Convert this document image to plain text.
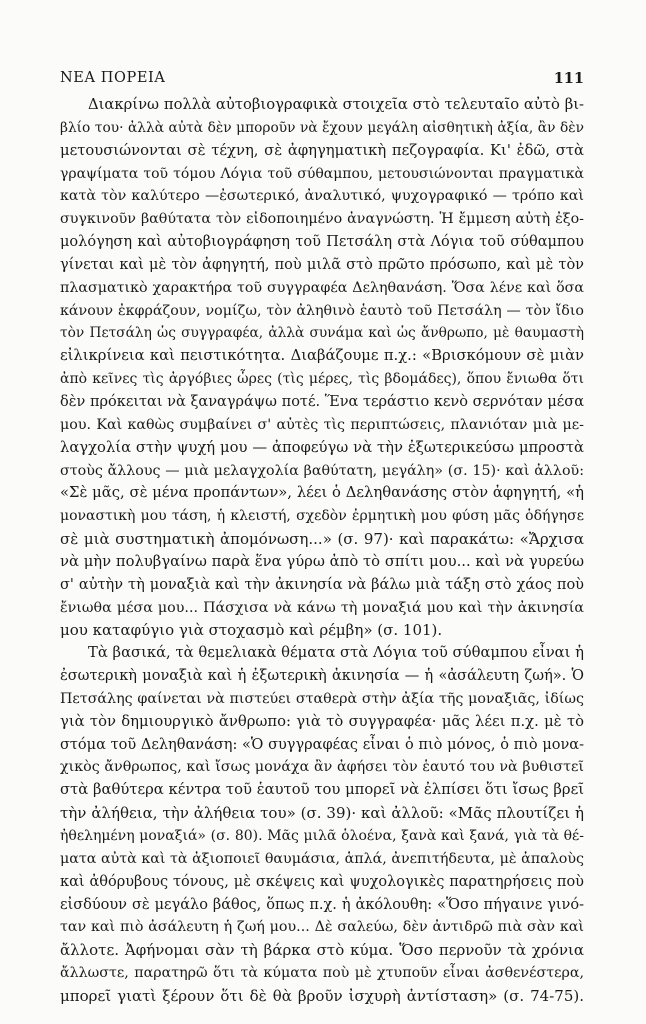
ΝΕΑ ΠΟΡΕΙΑ	111
Διακρίνω πολλὰ αὐτοβιογραφικὰ στοιχεῖα στὸ τελευταῖο αὐτὸ βι-
βλίο του· ἀλλὰ αὐτὰ δὲν μποροῦν νὰ ἔχουν μεγάλη αἰσθητικὴ ἀξία, ἂν δὲν
μετουσιώνονται σὲ τέχνη, σὲ ἀφηγηματικὴ πεζογραφία. Κι' ἐδῶ, στὰ
γραψίματα τοῦ τόμου Λόγια τοῦ σύθαμπου, μετουσιώνονται πραγματικὰ
κατὰ τὸν καλύτερο —ἐσωτερικό, ἀναλυτικό, ψυχογραφικό — τρόπο καὶ
συγκινοῦν βαθύτατα τὸν εἰδοποιημένο ἀναγνώστη. Ἡ ἔμμεση αὐτὴ ἐξο-
μολόγηση καὶ αὐτοβιογράφηση τοῦ Πετσάλη στὰ Λόγια τοῦ σύθαμπου
γίνεται καὶ μὲ τὸν ἀφηγητή, ποὺ μιλᾶ στὸ πρῶτο πρόσωπο, καὶ μὲ τὸν
πλασματικὸ χαρακτήρα τοῦ συγγραφέα Δεληθανάση. Ὅσα λένε καὶ ὅσα
κάνουν ἐκφράζουν, νομίζω, τὸν ἀληθινὸ ἑαυτὸ τοῦ Πετσάλη — τὸν ἴδιο
τὸν Πετσάλη ὡς συγγραφέα, ἀλλὰ συνάμα καὶ ὡς ἄνθρωπο, μὲ θαυμαστὴ
εἰλικρίνεια καὶ πειστικότητα. Διαβάζουμε π.χ.: «Βρισκόμουν σὲ μιὰν
ἀπὸ κεῖνες τὶς ἀργόβιες ὧρες (τὶς μέρες, τὶς βδομάδες), ὅπου ἔνιωθα ὅτι
δὲν πρόκειται νὰ ξαναγράψω ποτέ. Ἕνα τεράστιο κενὸ σερνόταν μέσα
μου. Καὶ καθὼς συμβαίνει σ' αὐτὲς τὶς περιπτώσεις, πλανιόταν μιὰ με-
λαγχολία στὴν ψυχή μου — ἀποφεύγω νὰ τὴν ἐξωτερικεύσω μπροστὰ
στοὺς ἄλλους — μιὰ μελαγχολία βαθύτατη, μεγάλη» (σ. 15)· καὶ ἀλλοῦ:
«Σὲ μᾶς, σὲ μένα προπάντων», λέει ὁ Δεληθανάσης στὸν ἀφηγητή, «ἡ
μοναστικὴ μου τάση, ἡ κλειστή, σχεδὸν ἐρμητικὴ μου φύση μᾶς ὁδήγησε
σὲ μιὰ συστηματικὴ ἀπομόνωση...» (σ. 97)· καὶ παρακάτω: «Ἄρχισα
νὰ μὴν πολυβγαίνω παρὰ ἕνα γύρω ἀπὸ τὸ σπίτι μου... καὶ νὰ γυρεύω
σ' αὐτὴν τὴ μοναξιὰ καὶ τὴν ἀκινησία νὰ βάλω μιὰ τάξη στὸ χάος ποὺ
ἔνιωθα μέσα μου... Πάσχισα νὰ κάνω τὴ μοναξιά μου καὶ τὴν ἀκινησία
μου καταφύγιο γιὰ στοχασμὸ καὶ ρέμβη» (σ. 101).
Τὰ βασικά, τὰ θεμελιακὰ θέματα στὰ Λόγια τοῦ σύθαμπου εἶναι ἡ
ἐσωτερικὴ μοναξιὰ καὶ ἡ ἐξωτερικὴ ἀκινησία — ἡ «ἀσάλευτη ζωή». Ὁ
Πετσάλης φαίνεται νὰ πιστεύει σταθερὰ στὴν ἀξία τῆς μοναξιᾶς, ἰδίως
γιὰ τὸν δημιουργικὸ ἄνθρωπο: γιὰ τὸ συγγραφέα· μᾶς λέει π.χ. μὲ τὸ
στόμα τοῦ Δεληθανάση: «Ὁ συγγραφέας εἶναι ὁ πιὸ μόνος, ὁ πιὸ μονα-
χικὸς ἄνθρωπος, καὶ ἴσως μονάχα ἂν ἀφήσει τὸν ἑαυτό του νὰ βυθιστεῖ
στὰ βαθύτερα κέντρα τοῦ ἑαυτοῦ του μπορεῖ νὰ ἐλπίσει ὅτι ἴσως βρεῖ
τὴν ἀλήθεια, τὴν ἀλήθεια του» (σ. 39)· καὶ ἀλλοῦ: «Μᾶς πλουτίζει ἡ
ἠθελημένη μοναξιά» (σ. 80). Μᾶς μιλᾶ ὁλοένα, ξανὰ καὶ ξανά, γιὰ τὰ θέ-
ματα αὐτὰ καὶ τὰ ἀξιοποιεῖ θαυμάσια, ἁπλά, ἀνεπιτήδευτα, μὲ ἁπαλοὺς
καὶ ἀθόρυβους τόνους, μὲ σκέψεις καὶ ψυχολογικὲς παρατηρήσεις ποὺ
εἰσδύουν σὲ μεγάλο βάθος, ὅπως π.χ. ἡ ἀκόλουθη: «Ὅσο πήγαινε γινό-
ταν καὶ πιὸ ἀσάλευτη ἡ ζωή μου... Δὲ σαλεύω, δὲν ἀντιδρῶ πιὰ σὰν καὶ
ἄλλοτε. Ἀφήνομαι σὰν τὴ βάρκα στὸ κύμα. Ὅσο περνοῦν τὰ χρόνια
ἄλλωστε, παρατηρῶ ὅτι τὰ κύματα ποὺ μὲ χτυποῦν εἶναι ἀσθενέστερα,
μπορεῖ γιατὶ ξέρουν ὅτι δὲ θὰ βροῦν ἰσχυρὴ ἀντίσταση» (σ. 74-75).
